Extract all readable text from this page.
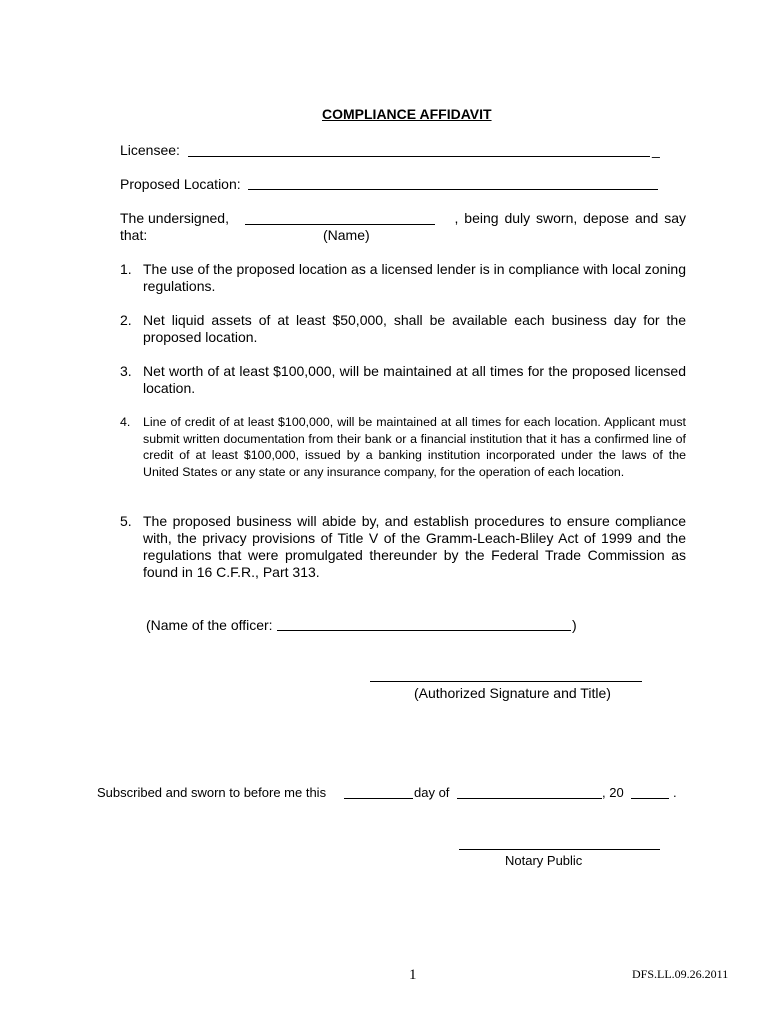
COMPLIANCE AFFIDAVIT
Licensee:	_
Proposed Location:
The undersigned,	, being duly sworn, depose and say
that:	(Name)
1. The use of the proposed location as a licensed lender is in compliance with local zoning regulations.
2. Net liquid assets of at least $50,000, shall be available each business day for the proposed location.
3. Net worth of at least $100,000, will be maintained at all times for the proposed licensed location.
4.	Line of credit of at least $100,000, will be maintained at all times for each location. Applicant must submit written documentation from their bank or a financial institution that it has a confirmed line of credit of at least $100,000, issued by a banking institution incorporated under the laws of the United States or any state or any insurance company, for the operation of each location.
5. The proposed business will abide by, and establish procedures to ensure compliance with, the privacy provisions of Title V of the Gramm-Leach-Bliley Act of 1999 and the regulations that were promulgated thereunder by the Federal Trade Commission as found in 16 C.F.R., Part 313.
(Name of the officer:	)
(Authorized Signature and Title)
Subscribed and sworn to before me this	day of	, 20	.
Notary Public
1	DFS.LL.09.26.2011
